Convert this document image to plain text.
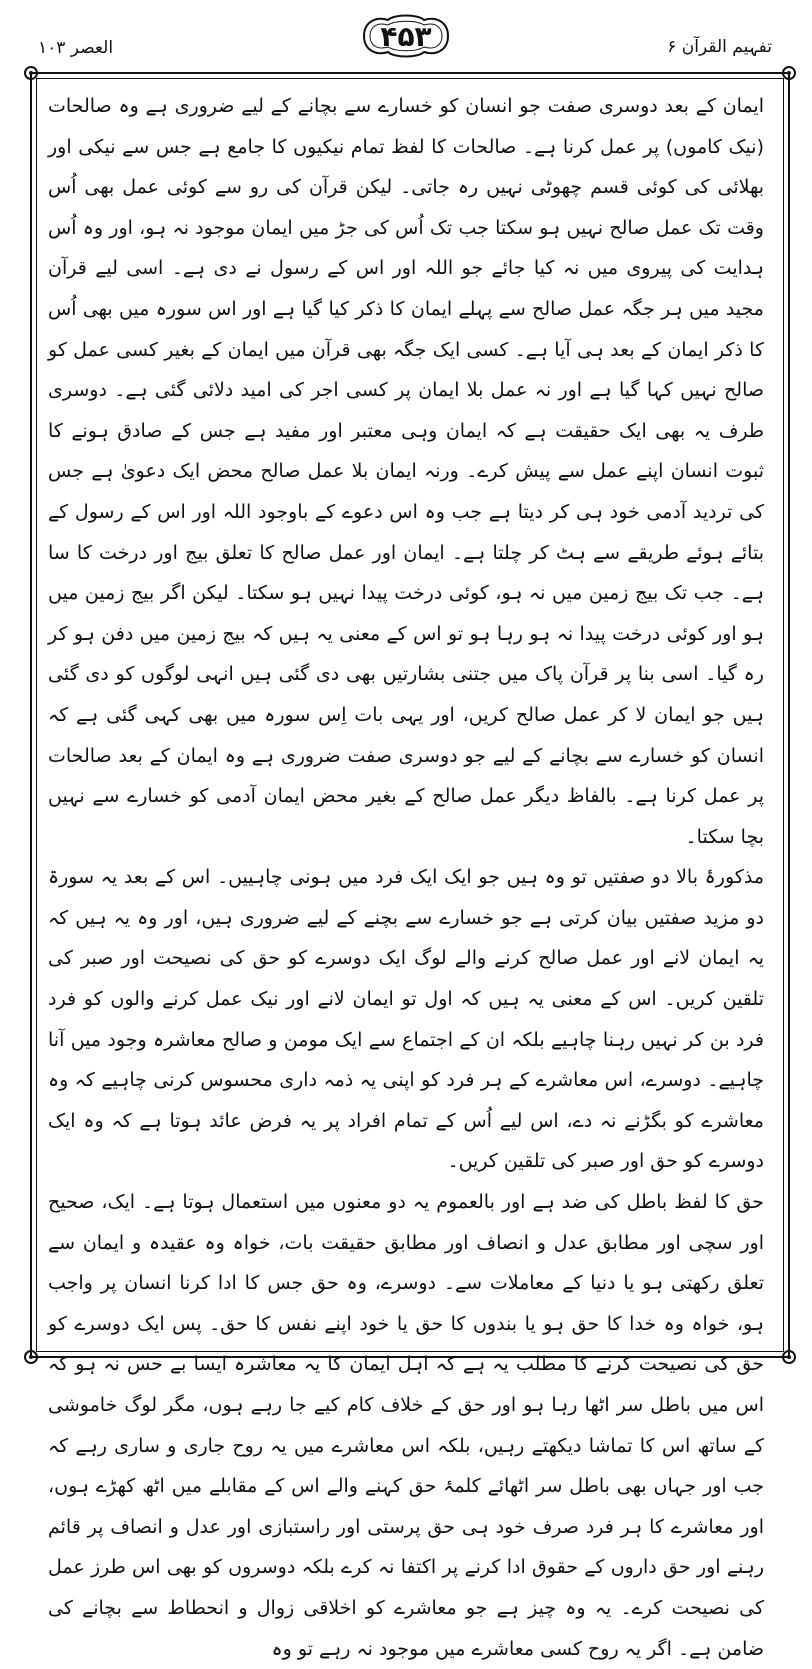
تفہیم القرآن ۶
۴۵۳
العصر ۱۰۳

ایمان کے بعد دوسری صفت جو انسان کو خسارے سے بچانے کے لیے ضروری ہے وہ صالحات (نیک کاموں) پر عمل کرنا ہے۔ صالحات کا لفظ تمام نیکیوں کا جامع ہے جس سے نیکی اور بھلائی کی کوئی قسم چھوٹی نہیں رہ جاتی۔ لیکن قرآن کی رو سے کوئی عمل بھی اُس وقت تک عمل صالح نہیں ہو سکتا جب تک اُس کی جڑ میں ایمان موجود نہ ہو، اور وہ اُس ہدایت کی پیروی میں نہ کیا جائے جو اللہ اور اس کے رسول نے دی ہے۔ اسی لیے قرآن مجید میں ہر جگہ عمل صالح سے پہلے ایمان کا ذکر کیا گیا ہے اور اس سورہ میں بھی اُس کا ذکر ایمان کے بعد ہی آیا ہے۔ کسی ایک جگہ بھی قرآن میں ایمان کے بغیر کسی عمل کو صالح نہیں کہا گیا ہے اور نہ عمل بلا ایمان پر کسی اجر کی امید دلائی گئی ہے۔ دوسری طرف یہ بھی ایک حقیقت ہے کہ ایمان وہی معتبر اور مفید ہے جس کے صادق ہونے کا ثبوت انسان اپنے عمل سے پیش کرے۔ ورنہ ایمان بلا عمل صالح محض ایک دعویٰ ہے جس کی تردید آدمی خود ہی کر دیتا ہے جب وہ اس دعوے کے باوجود اللہ اور اس کے رسول کے بتائے ہوئے طریقے سے ہٹ کر چلتا ہے۔ ایمان اور عمل صالح کا تعلق بیج اور درخت کا سا ہے۔ جب تک بیج زمین میں نہ ہو، کوئی درخت پیدا نہیں ہو سکتا۔ لیکن اگر بیج زمین میں ہو اور کوئی درخت پیدا نہ ہو رہا ہو تو اس کے معنی یہ ہیں کہ بیج زمین میں دفن ہو کر رہ گیا۔ اسی بنا پر قرآن پاک میں جتنی بشارتیں بھی دی گئی ہیں انہی لوگوں کو دی گئی ہیں جو ایمان لا کر عمل صالح کریں، اور یہی بات اِس سورہ میں بھی کہی گئی ہے کہ انسان کو خسارے سے بچانے کے لیے جو دوسری صفت ضروری ہے وہ ایمان کے بعد صالحات پر عمل کرنا ہے۔ بالفاظ دیگر عمل صالح کے بغیر محض ایمان آدمی کو خسارے سے نہیں بچا سکتا۔

مذکورۂ بالا دو صفتیں تو وہ ہیں جو ایک ایک فرد میں ہونی چاہییں۔ اس کے بعد یہ سورۃ دو مزید صفتیں بیان کرتی ہے جو خسارے سے بچنے کے لیے ضروری ہیں، اور وہ یہ ہیں کہ یہ ایمان لانے اور عمل صالح کرنے والے لوگ ایک دوسرے کو حق کی نصیحت اور صبر کی تلقین کریں۔ اس کے معنی یہ ہیں کہ اول تو ایمان لانے اور نیک عمل کرنے والوں کو فرد فرد بن کر نہیں رہنا چاہیے بلکہ ان کے اجتماع سے ایک مومن و صالح معاشرہ وجود میں آنا چاہیے۔ دوسرے، اس معاشرے کے ہر فرد کو اپنی یہ ذمہ داری محسوس کرنی چاہیے کہ وہ معاشرے کو بگڑنے نہ دے، اس لیے اُس کے تمام افراد پر یہ فرض عائد ہوتا ہے کہ وہ ایک دوسرے کو حق اور صبر کی تلقین کریں۔

حق کا لفظ باطل کی ضد ہے اور بالعموم یہ دو معنوں میں استعمال ہوتا ہے۔ ایک، صحیح اور سچی اور مطابق عدل و انصاف اور مطابق حقیقت بات، خواہ وہ عقیدہ و ایمان سے تعلق رکھتی ہو یا دنیا کے معاملات سے۔ دوسرے، وہ حق جس کا ادا کرنا انسان پر واجب ہو، خواہ وہ خدا کا حق ہو یا بندوں کا حق یا خود اپنے نفس کا حق۔ پس ایک دوسرے کو حق کی نصیحت کرنے کا مطلب یہ ہے کہ اہل ایمان کا یہ معاشرہ ایسا بے حس نہ ہو کہ اس میں باطل سر اٹھا رہا ہو اور حق کے خلاف کام کیے جا رہے ہوں، مگر لوگ خاموشی کے ساتھ اس کا تماشا دیکھتے رہیں، بلکہ اس معاشرے میں یہ روح جاری و ساری رہے کہ جب اور جہاں بھی باطل سر اٹھائے کلمۂ حق کہنے والے اس کے مقابلے میں اٹھ کھڑے ہوں، اور معاشرے کا ہر فرد صرف خود ہی حق پرستی اور راستبازی اور عدل و انصاف پر قائم رہنے اور حق داروں کے حقوق ادا کرنے پر اکتفا نہ کرے بلکہ دوسروں کو بھی اس طرز عمل کی نصیحت کرے۔ یہ وہ چیز ہے جو معاشرے کو اخلاقی زوال و انحطاط سے بچانے کی ضامن ہے۔ اگر یہ روح کسی معاشرے میں موجود نہ رہے تو وہ
